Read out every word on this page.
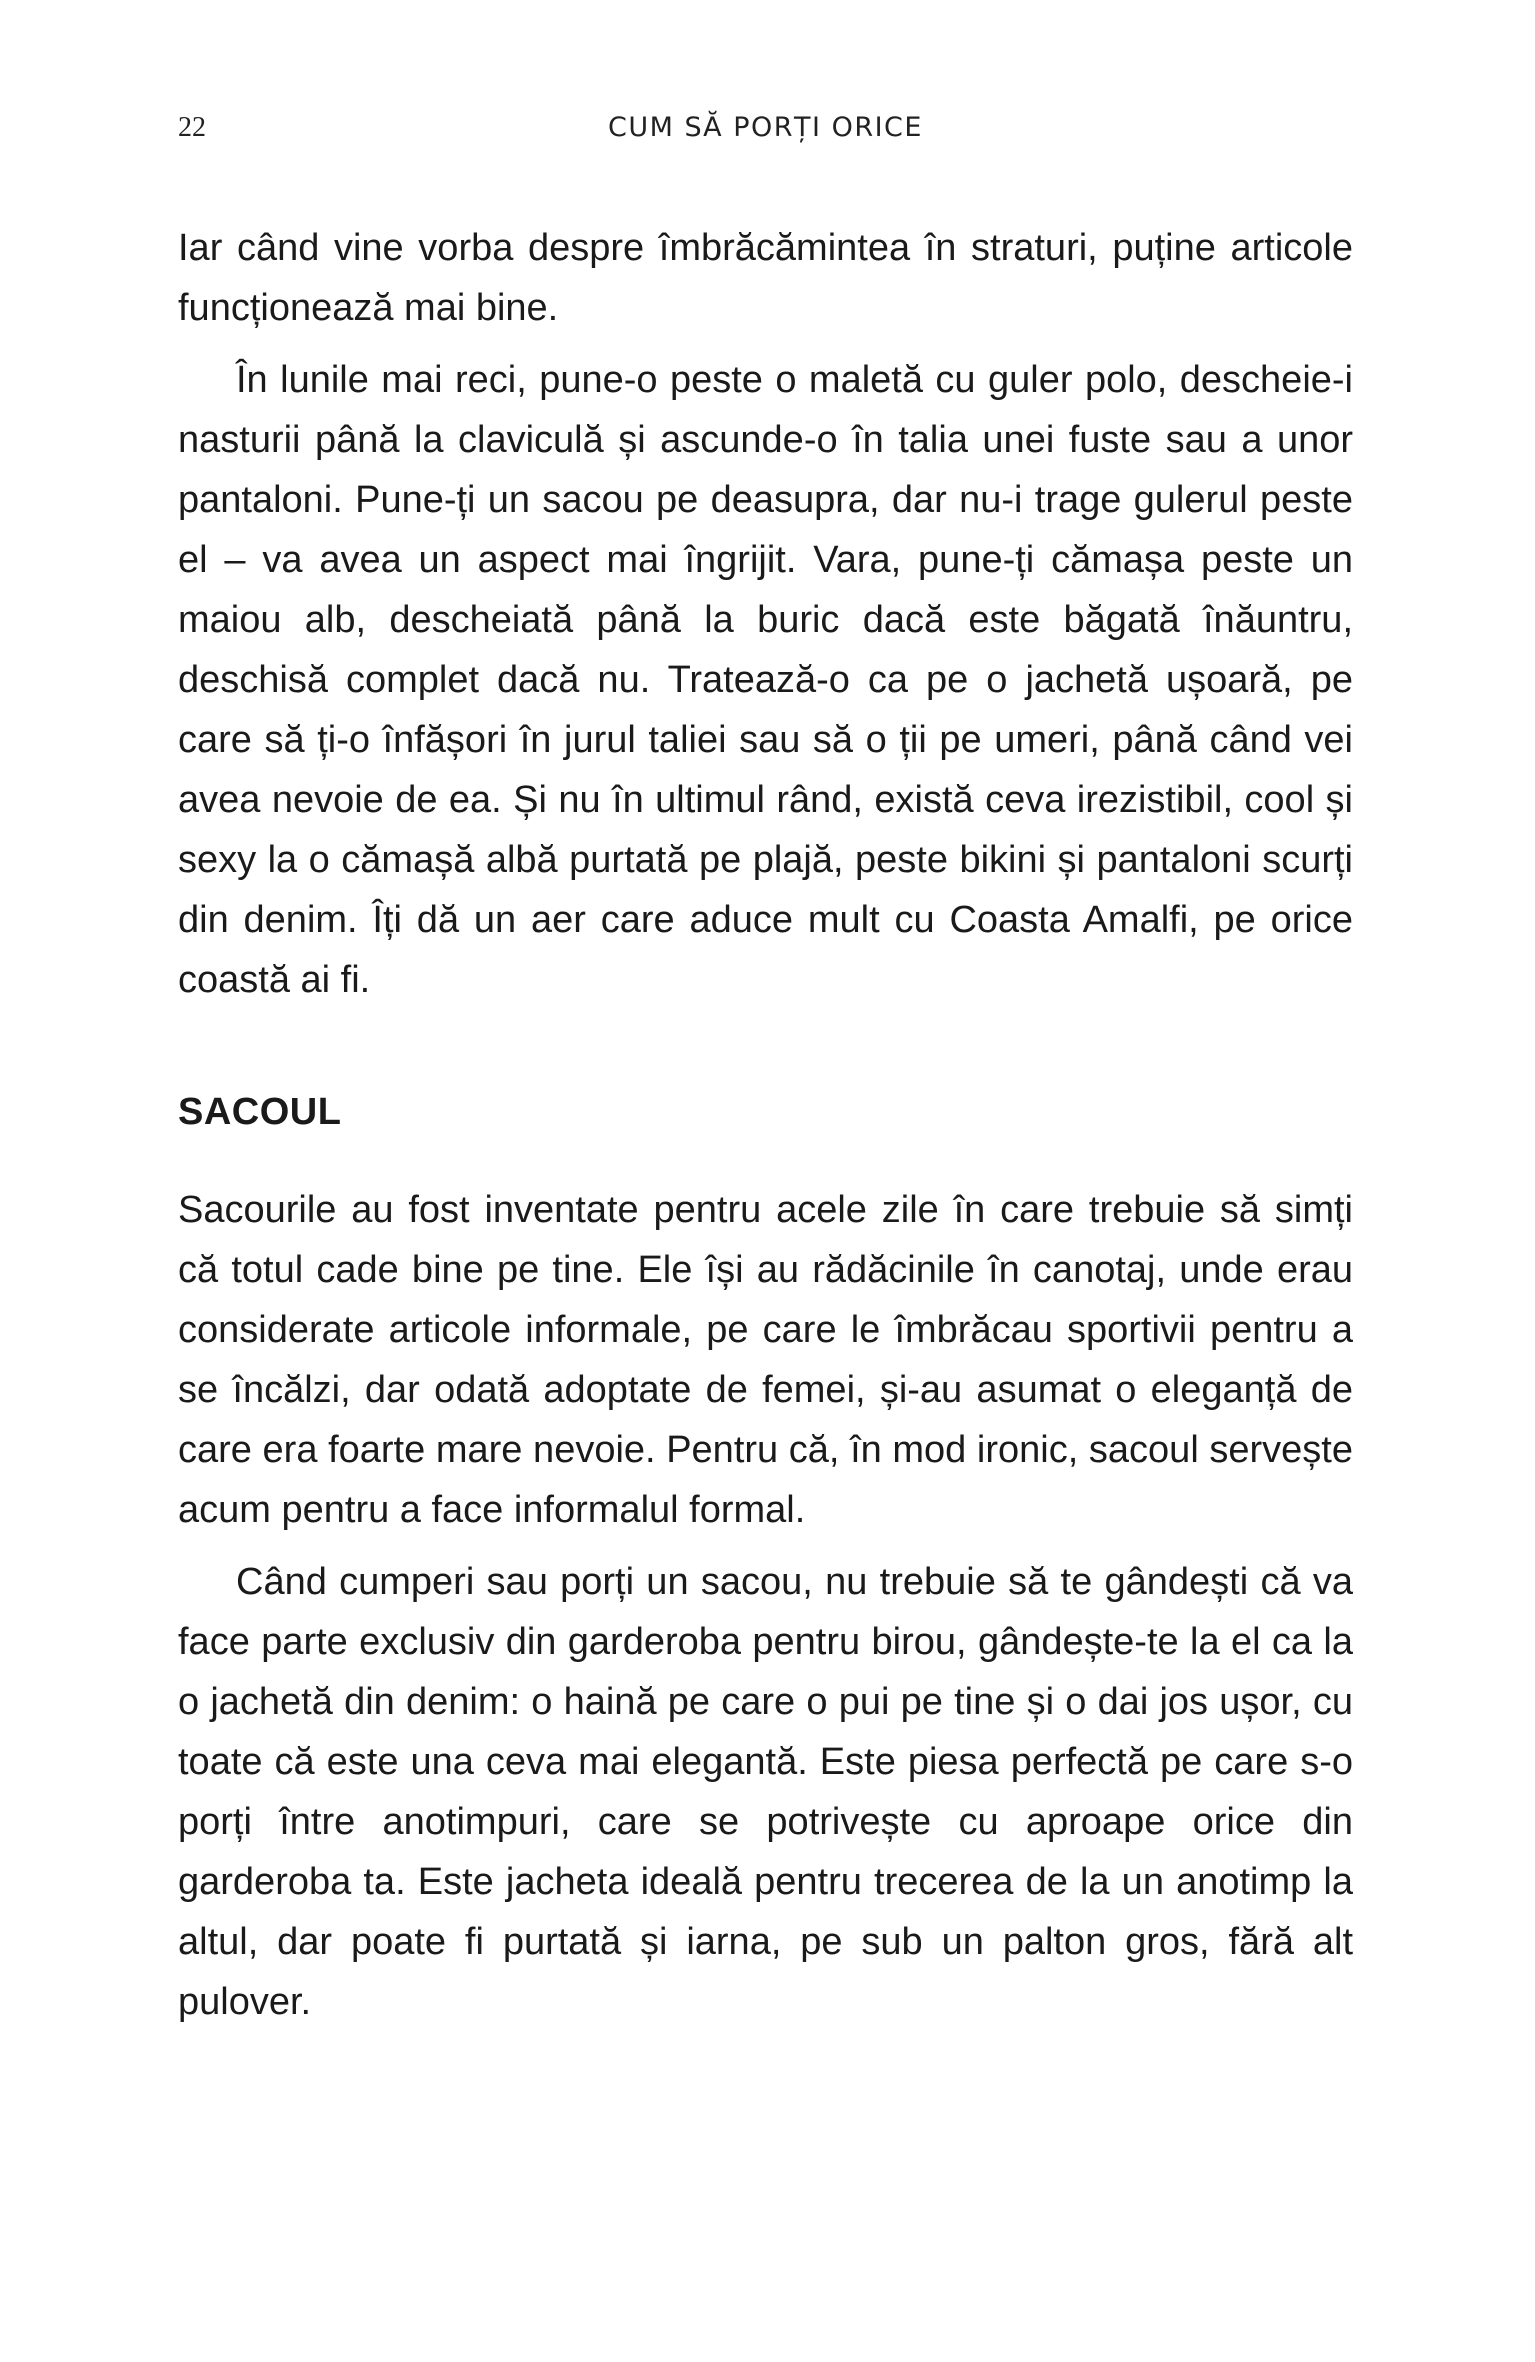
22	CUM SĂ PORȚI ORICE

Iar când vine vorba despre îmbrăcămintea în straturi, puține articole funcționează mai bine.

În lunile mai reci, pune-o peste o maletă cu guler polo, descheie-i nasturii până la claviculă și ascunde-o în talia unei fuste sau a unor pantaloni. Pune-ți un sacou pe deasupra, dar nu-i trage gulerul peste el – va avea un aspect mai îngrijit. Vara, pune-ți cămașa peste un maiou alb, descheiată până la buric dacă este băgată înăuntru, deschisă complet dacă nu. Tratează-o ca pe o jachetă ușoară, pe care să ți-o înfășori în jurul taliei sau să o ții pe umeri, până când vei avea nevoie de ea. Și nu în ultimul rând, există ceva irezistibil, cool și sexy la o cămașă albă purtată pe plajă, peste bikini și pantaloni scurți din denim. Îți dă un aer care aduce mult cu Coasta Amalfi, pe orice coastă ai fi.

SACOUL

Sacourile au fost inventate pentru acele zile în care trebuie să simți că totul cade bine pe tine. Ele își au rădăcinile în canotaj, unde erau considerate articole informale, pe care le îmbrăcau sportivii pentru a se încălzi, dar odată adoptate de femei, și-au asumat o eleganță de care era foarte mare nevoie. Pentru că, în mod ironic, sacoul servește acum pentru a face informalul formal.

Când cumperi sau porți un sacou, nu trebuie să te gândești că va face parte exclusiv din garderoba pentru birou, gândește-te la el ca la o jachetă din denim: o haină pe care o pui pe tine și o dai jos ușor, cu toate că este una ceva mai elegantă. Este piesa perfectă pe care s-o porți între anotimpuri, care se potrivește cu aproape orice din garderoba ta. Este jacheta ideală pentru trecerea de la un anotimp la altul, dar poate fi purtată și iarna, pe sub un palton gros, fără alt pulover.
